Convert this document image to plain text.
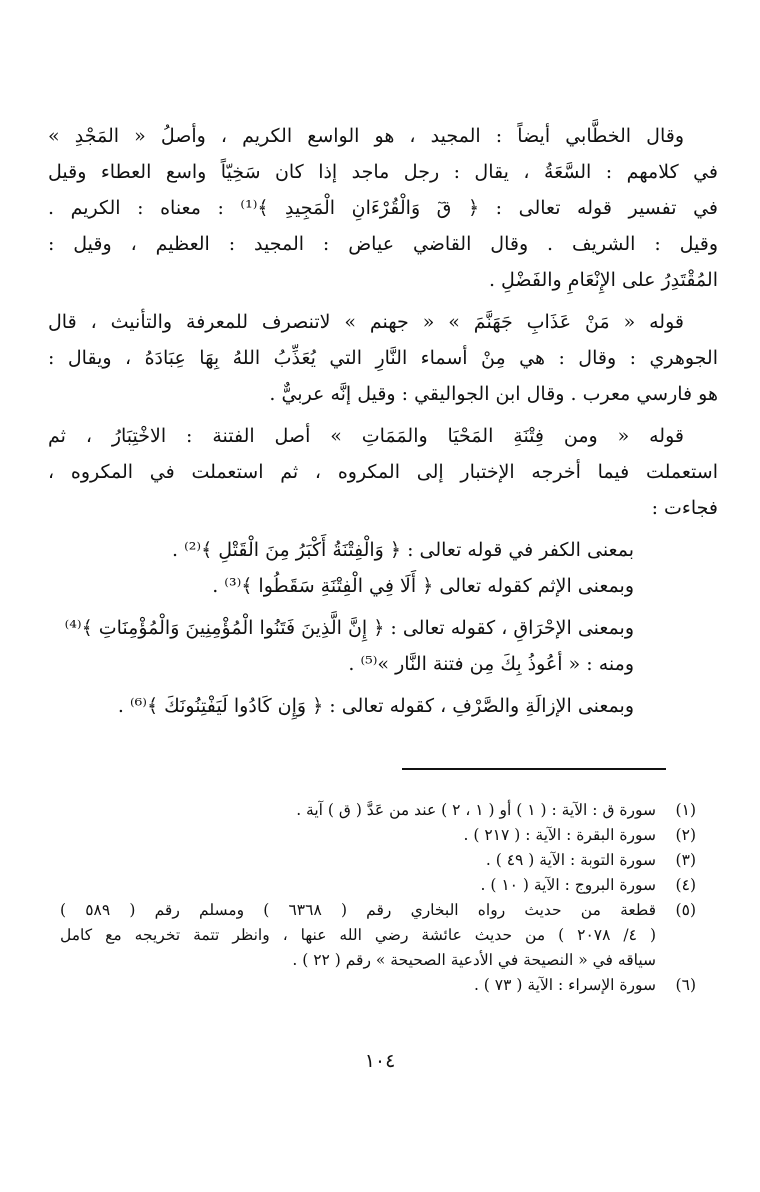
وقال الخطَّابي أيضاً : المجيد ، هو الواسع الكريم ، وأصلُ « المَجْدِ »
في كلامهم : السَّعَةُ ، يقال : رجل ماجد إذا كان سَخِيّاً واسع العطاء وقيل
في تفسير قوله تعالى : ﴿ قٓ وَالْقُرْءَانِ الْمَجِيدِ ﴾⁽¹⁾ : معناه : الكريم .
وقيل : الشريف . وقال القاضي عياض : المجيد : العظيم ، وقيل :
المُقْتَدِرُ على الإِنْعَامِ والفَضْلِ .
قوله « مَنْ عَذَابِ جَهَنَّمَ » « جهنم » لاتنصرف للمعرفة والتأنيث ، قال
الجوهري : وقال : هي مِنْ أسماء النَّارِ التي يُعَذِّبُ اللهُ بِهَا عِبَادَهُ ، ويقال :
هو فارسي معرب . وقال ابن الجواليقي : وقيل إنَّه عربيٌّ .
قوله « ومن فِتْنَةِ المَحْيَا والمَمَاتِ » أصل الفتنة : الاخْتِبَارُ ، ثم
استعملت فيما أخرجه الإختبار إلى المكروه ، ثم استعملت في المكروه ،
فجاءت :
بمعنى الكفر في قوله تعالى : ﴿ وَالْفِتْنَةُ أَكْبَرُ مِنَ الْقَتْلِ ﴾⁽²⁾ .
وبمعنى الإثم كقوله تعالى ﴿ أَلَا فِي الْفِتْنَةِ سَقَطُوا ﴾⁽³⁾ .
وبمعنى الإحْرَاقِ ، كقوله تعالى : ﴿ إِنَّ الَّذِينَ فَتَنُوا الْمُؤْمِنِينَ وَالْمُؤْمِنَاتِ ﴾⁽⁴⁾
ومنه : « أعُوذُ بِكَ مِن فتنة النَّار »⁽⁵⁾ .
وبمعنى الإزالَةِ والصَّرْفِ ، كقوله تعالى : ﴿ وَإِن كَادُوا لَيَفْتِنُونَكَ ﴾⁽⁶⁾ .
(١)
سورة ق : الآية : ( ١ ) أو ( ١ ، ٢ ) عند من عَدَّ ( ق ) آية .
(٢)
سورة البقرة : الآية : ( ٢١٧ ) .
(٣)
سورة التوبة : الآية ( ٤٩ ) .
(٤)
سورة البروج : الآية ( ١٠ ) .
(٥)
قطعة من حديث رواه البخاري رقم ( ٦٣٦٨ ) ومسلم رقم ( ٥٨٩ )
( ٤/ ٢٠٧٨ ) من حديث عائشة رضي الله عنها ، وانظر تتمة تخريجه مع كامل
سياقه في « النصيحة في الأدعية الصحيحة » رقم ( ٢٢ ) .
(٦)
سورة الإسراء : الآية ( ٧٣ ) .
١٠٤
